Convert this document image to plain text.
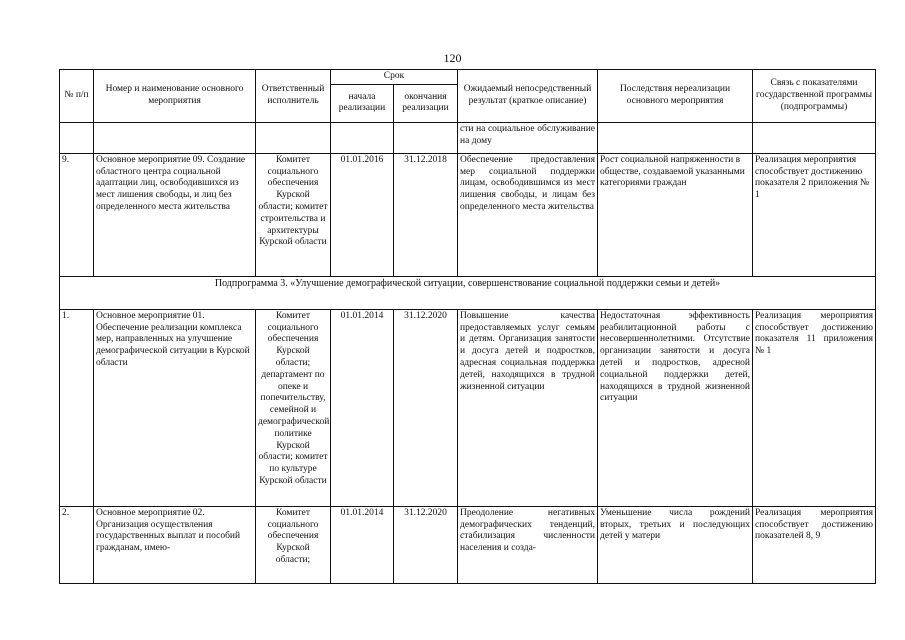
120
№ п/п	Номер и наименование основного мероприятия	Ответственный исполнитель	Срок		Ожидаемый непосредственный результат (краткое описание)	Последствия нереализации основного мероприятия	Связь с показателями государственной программы (подпрограммы)
			начала реализации	окончания реализации			
					сти на социальное обслуживание на дому		
9.	Основное мероприятие 09. Создание областного центра социальной адаптации лиц, освободившихся из мест лишения свободы, и лиц без определенного места жительства	Комитет социального обеспечения Курской области; комитет строительства и архитектуры Курской области	01.01.2016	31.12.2018	Обеспечение предоставления мер социальной поддержки лицам, освободившимся из мест лишения свободы, и лицам без определенного места жительства	Рост социальной напряженности в обществе, создаваемой указанными категориями граждан	Реализация мероприятия способствует достижению показателя 2 приложения № 1
Подпрограмма 3. «Улучшение демографической ситуации, совершенствование социальной поддержки семьи и детей»							
1.	Основное мероприятие 01. Обеспечение реализации комплекса мер, направленных на улучшение демографической ситуации в Курской области	Комитет социального обеспечения Курской области; департамент по опеке и попечительству, семейной и демографической политике Курской области; комитет по культуре Курской области	01.01.2014	31.12.2020	Повышение качества предоставляемых услуг семьям и детям. Организация занятости и досуга детей и подростков, адресная социальная поддержка детей, находящихся в трудной жизненной ситуации	Недостаточная эффективность реабилитационной работы с несовершеннолетними. Отсутствие организации занятости и досуга детей и подростков, адресной социальной поддержки детей, находящихся в трудной жизненной ситуации	Реализация мероприятия способствует достижению показателя 11 приложения № 1
2.	Основное мероприятие 02. Организация осуществления государственных выплат и пособий гражданам, имею-	Комитет социального обеспечения Курской области;	01.01.2014	31.12.2020	Преодоление негативных демографических тенденций, стабилизация численности населения и созда-	Уменьшение числа рождений вторых, третьих и последующих детей у матери	Реализация мероприятия способствует достижению показателей 8, 9
